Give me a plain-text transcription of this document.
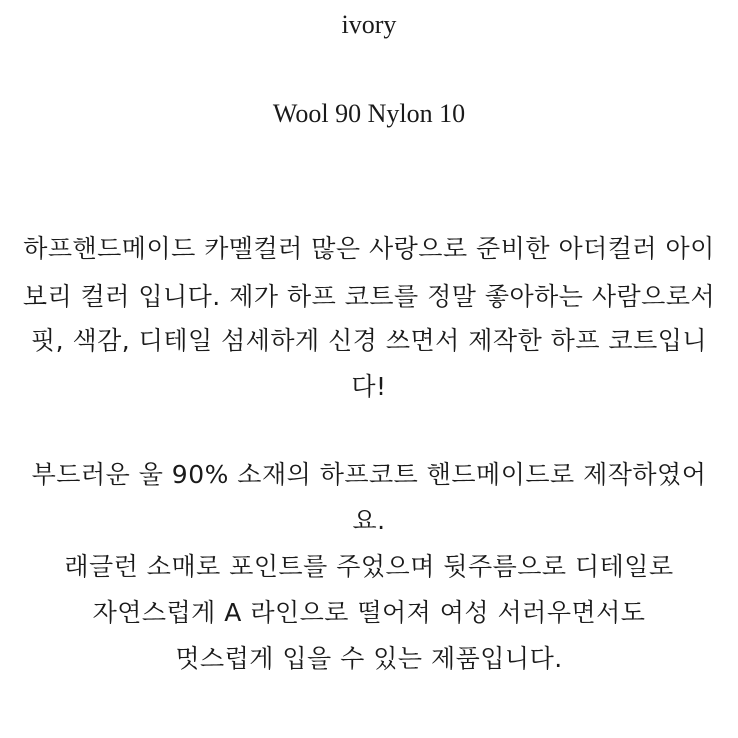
ivory
Wool 90 Nylon 10
하프핸드메이드 카멜컬러 많은 사랑으로 준비한 아더컬러 아이
보리 컬러 입니다. 제가 하프 코트를 정말 좋아하는 사람으로서
핏, 색감, 디테일 섬세하게 신경 쓰면서 제작한 하프 코트입니
다!
부드러운 울 90% 소재의 하프코트 핸드메이드로 제작하였어
요.
래글런 소매로 포인트를 주었으며 뒷주름으로 디테일로
자연스럽게 A 라인으로 떨어져 여성 서러우면서도
멋스럽게 입을 수 있는 제품입니다.
